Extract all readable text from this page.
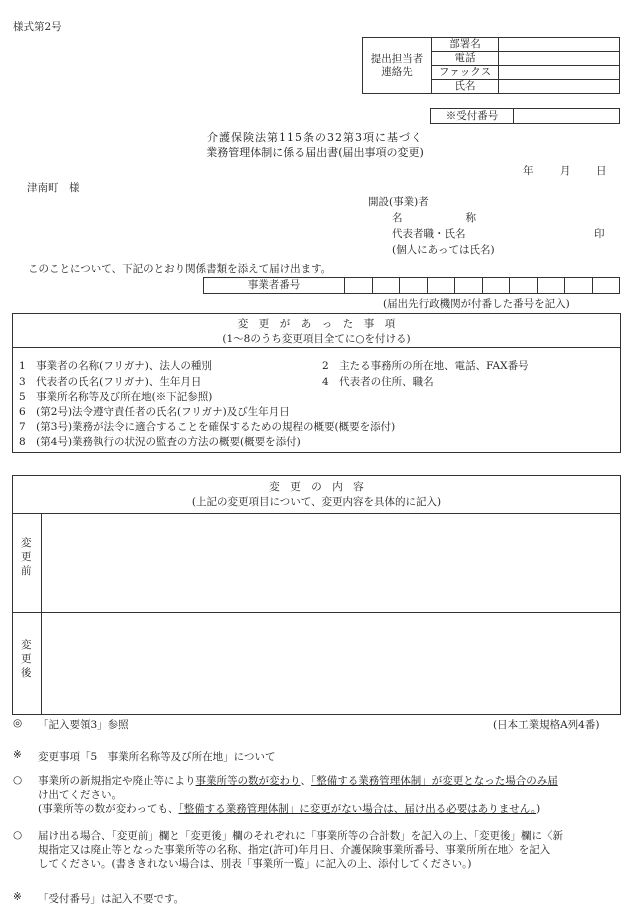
様式第2号
提出担当者
連絡先	部署名	
	電話	
	ファックス	
	氏名	
※受付番号	
介護保険法第115条の32第3項に基づく
業務管理体制に係る届出書(届出事項の変更)
年	月 日
津南町　様
開設(事業)者
名　　　　　　称
代表者職・氏名	印
(個人にあっては氏名)
このことについて、下記のとおり関係書類を添えて届け出ます。
事業者番号										
(届出先行政機関が付番した番号を記入)
変　更　が　あ　っ　た　事　項
(1〜8のうち変更項目全てに○を付ける)
1　事業者の名称(フリガナ)、法人の種別	2　主たる事務所の所在地、電話、FAX番号
3　代表者の氏名(フリガナ)、生年月日	4　代表者の住所、職名
5　事業所名称等及び所在地(※下記参照)
6　(第2号)法令遵守責任者の氏名(フリガナ)及び生年月日
7　(第3号)業務が法令に適合することを確保するための規程の概要(概要を添付)
8　(第4号)業務執行の状況の監査の方法の概要(概要を添付)
変　更　の　内　容
(上記の変更項目について、変更内容を具体的に記入)
変更前
変更後
◎ 「記入要領3」参照	(日本工業規格A列4番)
※ 変更事項「5　事業所名称等及び所在地」について
○ 事業所の新規指定や廃止等により事業所等の数が変わり、「整備する業務管理体制」が変更となった場合のみ届
け出てください。
(事業所等の数が変わっても、「整備する業務管理体制」に変更がない場合は、届け出る必要はありません。)
○ 届け出る場合、「変更前」欄と「変更後」欄のそれぞれに「事業所等の合計数」を記入の上、「変更後」欄に〈新
規指定又は廃止等となった事業所等の名称、指定(許可)年月日、介護保険事業所番号、事業所所在地〉を記入
してください。(書ききれない場合は、別表「事業所一覧」に記入の上、添付してください。)
※ 「受付番号」は記入不要です。
